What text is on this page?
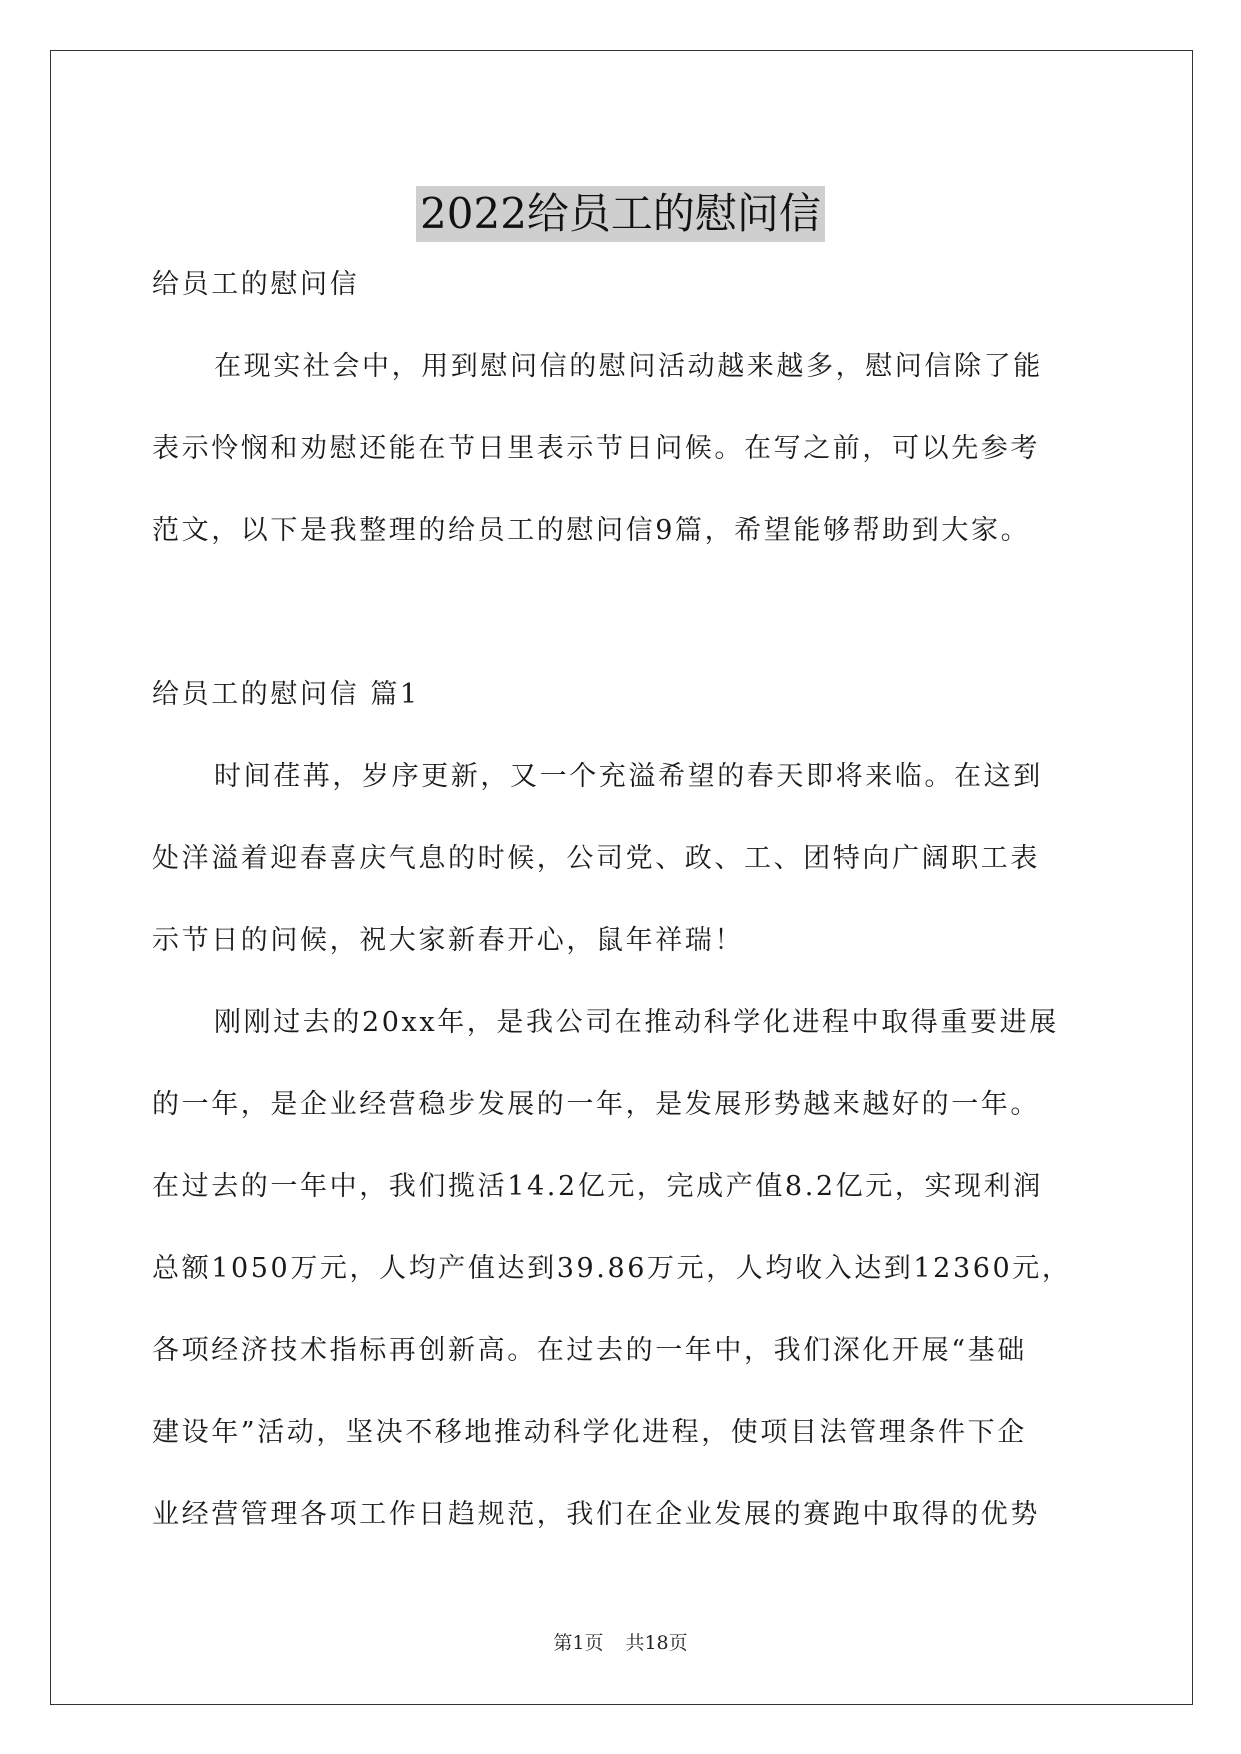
2022给员工的慰问信
给员工的慰问信
在现实社会中，用到慰问信的慰问活动越来越多，慰问信除了能
表示怜悯和劝慰还能在节日里表示节日问候。在写之前，可以先参考
范文，以下是我整理的给员工的慰问信9篇，希望能够帮助到大家。
给员工的慰问信 篇1
时间荏苒，岁序更新，又一个充溢希望的春天即将来临。在这到
处洋溢着迎春喜庆气息的时候，公司党、政、工、团特向广阔职工表
示节日的问候，祝大家新春开心，鼠年祥瑞！
刚刚过去的20xx年，是我公司在推动科学化进程中取得重要进展
的一年，是企业经营稳步发展的一年，是发展形势越来越好的一年。
在过去的一年中，我们揽活14.2亿元，完成产值8.2亿元，实现利润
总额1050万元，人均产值达到39.86万元，人均收入达到12360元，
各项经济技术指标再创新高。在过去的一年中，我们深化开展“基础
建设年”活动，坚决不移地推动科学化进程，使项目法管理条件下企
业经营管理各项工作日趋规范，我们在企业发展的赛跑中取得的优势
第1页 共18页
